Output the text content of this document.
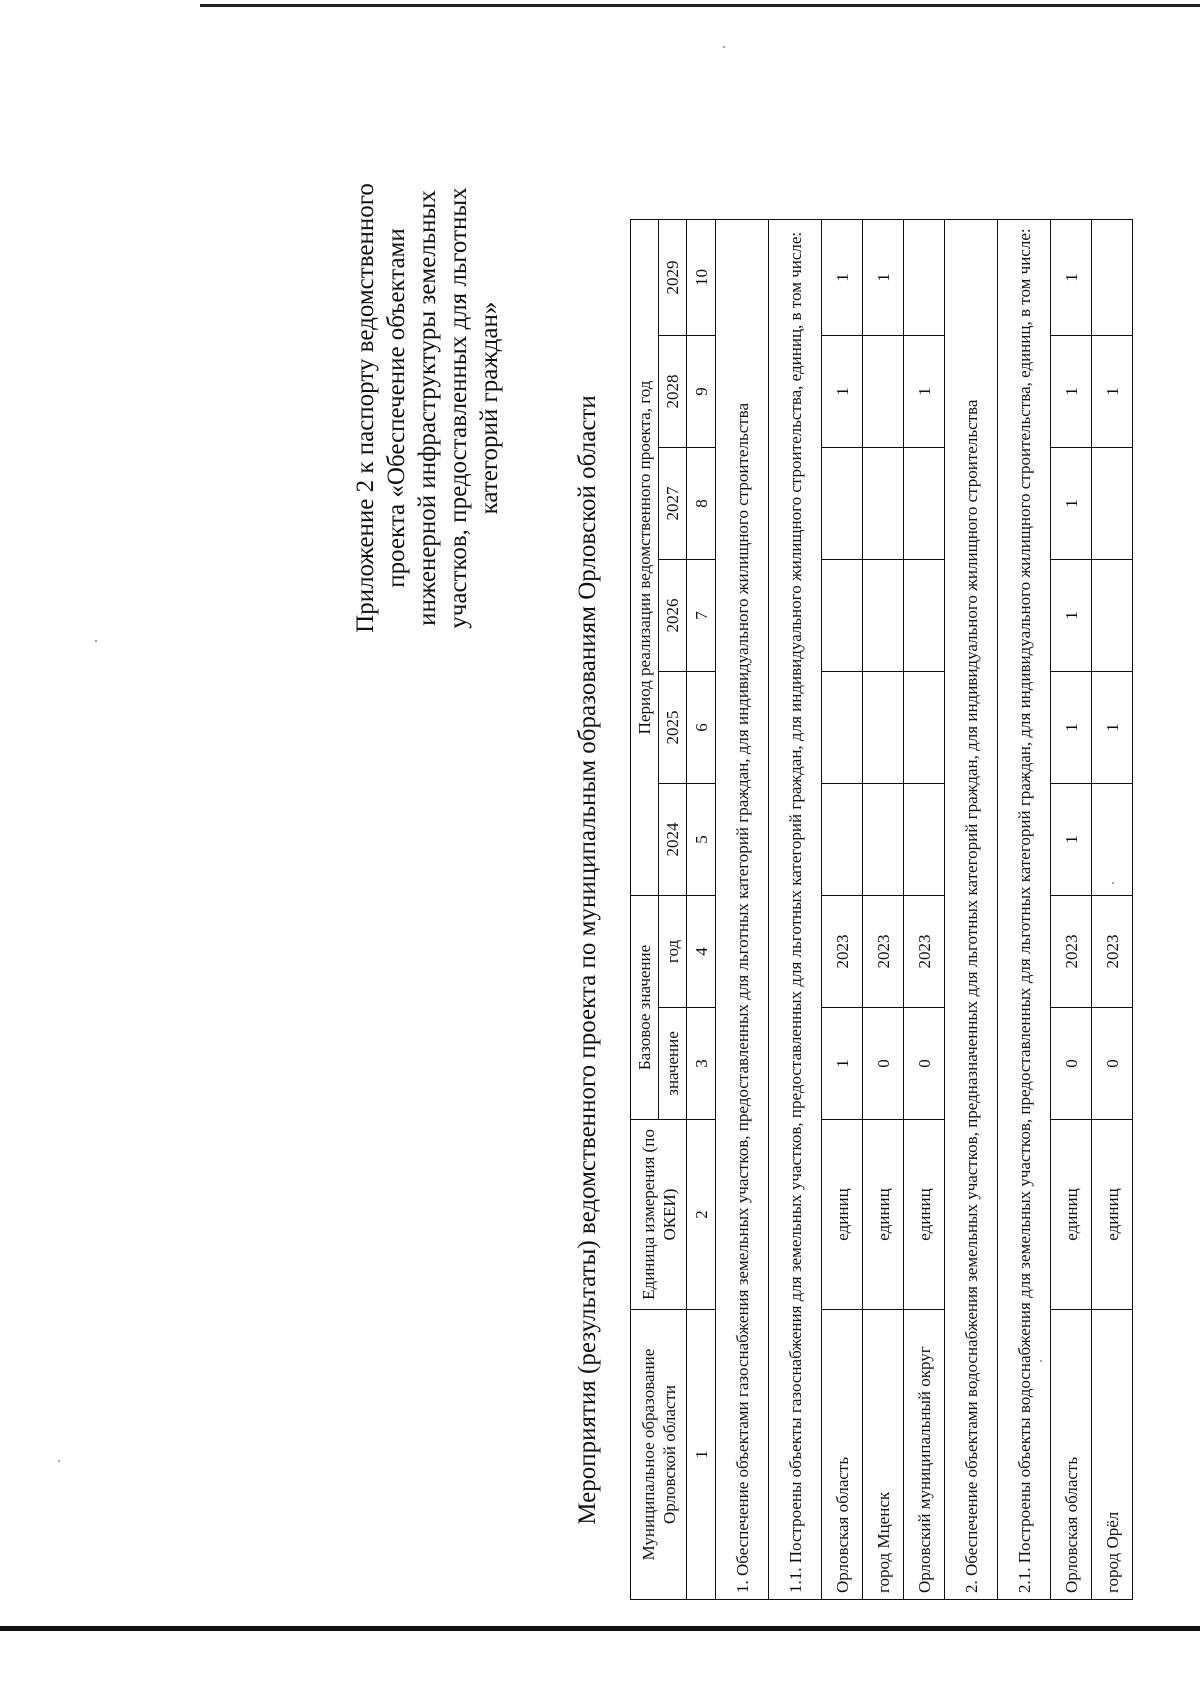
Приложение 2 к паспорту ведомственного проекта «Обеспечение объектами инженерной инфраструктуры земельных участков, предоставленных для льготных категорий граждан»	Мероприятия (результаты) ведомственного проекта по муниципальным образованиям Орловской области Муниципальное образование Орловской области	Единица измерения (по ОКЕИ)	Базовое значение		Период реализации ведомственного проекта, год					
		значение	год	2024	2025	2026	2027	2028	2029
1	2	3	4	5	6	7	8	9	10
1. Обеспечение объектами газоснабжения земельных участков, предоставленных для льготных категорий граждан, для индивидуального жилищного строительства									
1.1. Построены объекты газоснабжения для земельных участков, предоставленных для льготных категорий граждан, для индивидуального жилищного строительства, единиц, в том числе:									
Орловская область	единиц	1	2023					1	1
город Мценск	единиц	0	2023						1
Орловский муниципальный округ	единиц	0	2023					1	
2. Обеспечение объектами водоснабжения земельных участков, предназначенных для льготных категорий граждан, для индивидуального жилищного строительства									
2.1. Построены объекты водоснабжения для земельных участков, предоставленных для льготных категорий граждан, для индивидуального жилищного строительства, единиц, в том числе:									
Орловская область	единиц	0	2023	1	1	1	1	1	1
город Орёл	единиц	0	2023		1			1	
